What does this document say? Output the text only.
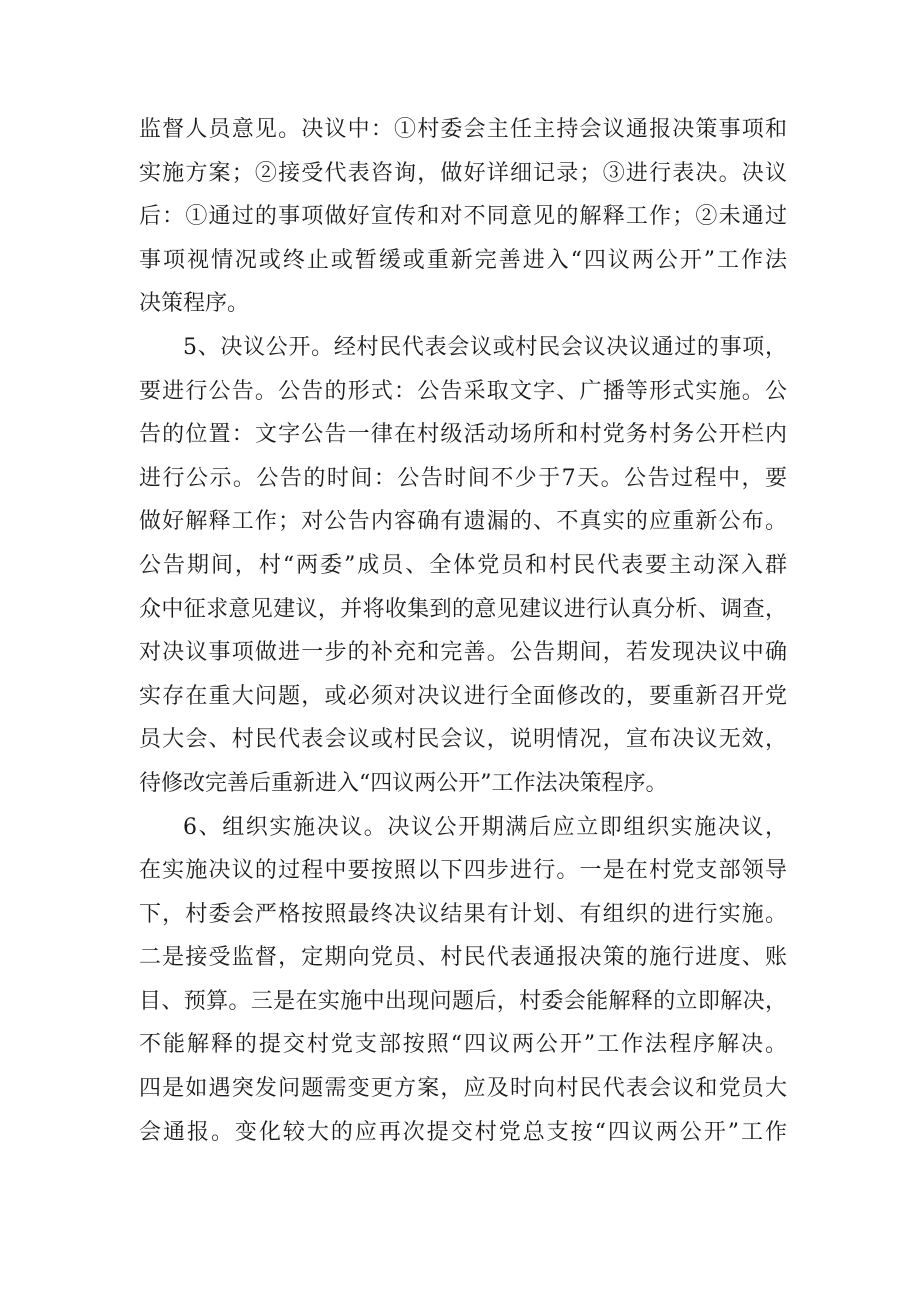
监督人员意见。决议中：①村委会主任主持会议通报决策事项和
实施方案；②接受代表咨询，做好详细记录；③进行表决。决议
后：①通过的事项做好宣传和对不同意见的解释工作；②未通过
事项视情况或终止或暂缓或重新完善进入“四议两公开”工作法
决策程序。
5、决议公开。经村民代表会议或村民会议决议通过的事项，
要进行公告。公告的形式：公告采取文字、广播等形式实施。公
告的位置：文字公告一律在村级活动场所和村党务村务公开栏内
进行公示。公告的时间：公告时间不少于7天。公告过程中，要
做好解释工作；对公告内容确有遗漏的、不真实的应重新公布。
公告期间，村“两委”成员、全体党员和村民代表要主动深入群
众中征求意见建议，并将收集到的意见建议进行认真分析、调查，
对决议事项做进一步的补充和完善。公告期间，若发现决议中确
实存在重大问题，或必须对决议进行全面修改的，要重新召开党
员大会、村民代表会议或村民会议，说明情况，宣布决议无效，
待修改完善后重新进入“四议两公开”工作法决策程序。
6、组织实施决议。决议公开期满后应立即组织实施决议，
在实施决议的过程中要按照以下四步进行。一是在村党支部领导
下，村委会严格按照最终决议结果有计划、有组织的进行实施。
二是接受监督，定期向党员、村民代表通报决策的施行进度、账
目、预算。三是在实施中出现问题后，村委会能解释的立即解决，
不能解释的提交村党支部按照“四议两公开”工作法程序解决。
四是如遇突发问题需变更方案，应及时向村民代表会议和党员大
会通报。变化较大的应再次提交村党总支按“四议两公开”工作
